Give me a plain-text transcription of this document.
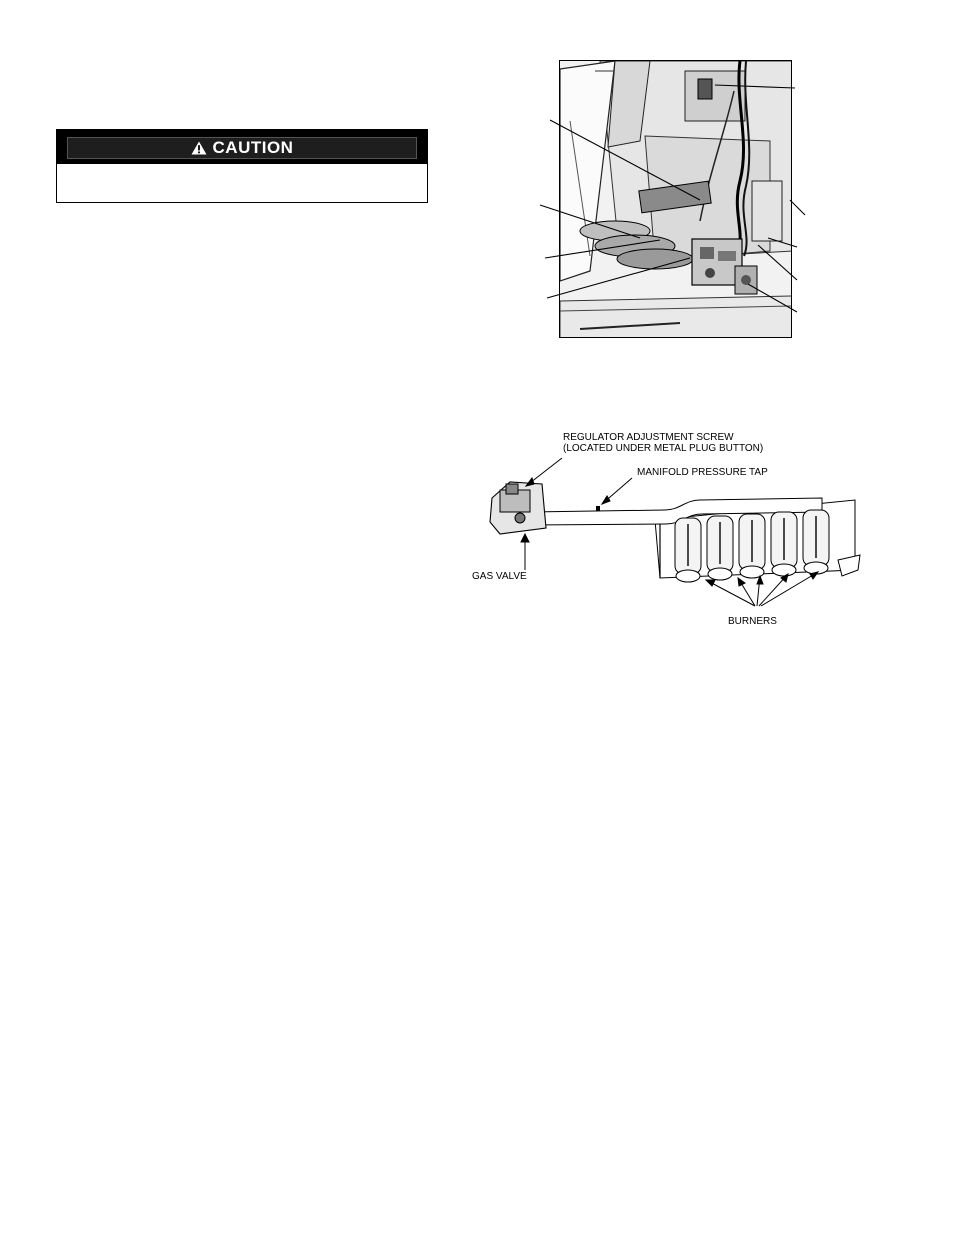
CAUTION
REGULATOR ADJUSTMENT SCREW
(LOCATED UNDER METAL PLUG BUTTON)
MANIFOLD PRESSURE TAP
GAS VALVE
BURNERS
